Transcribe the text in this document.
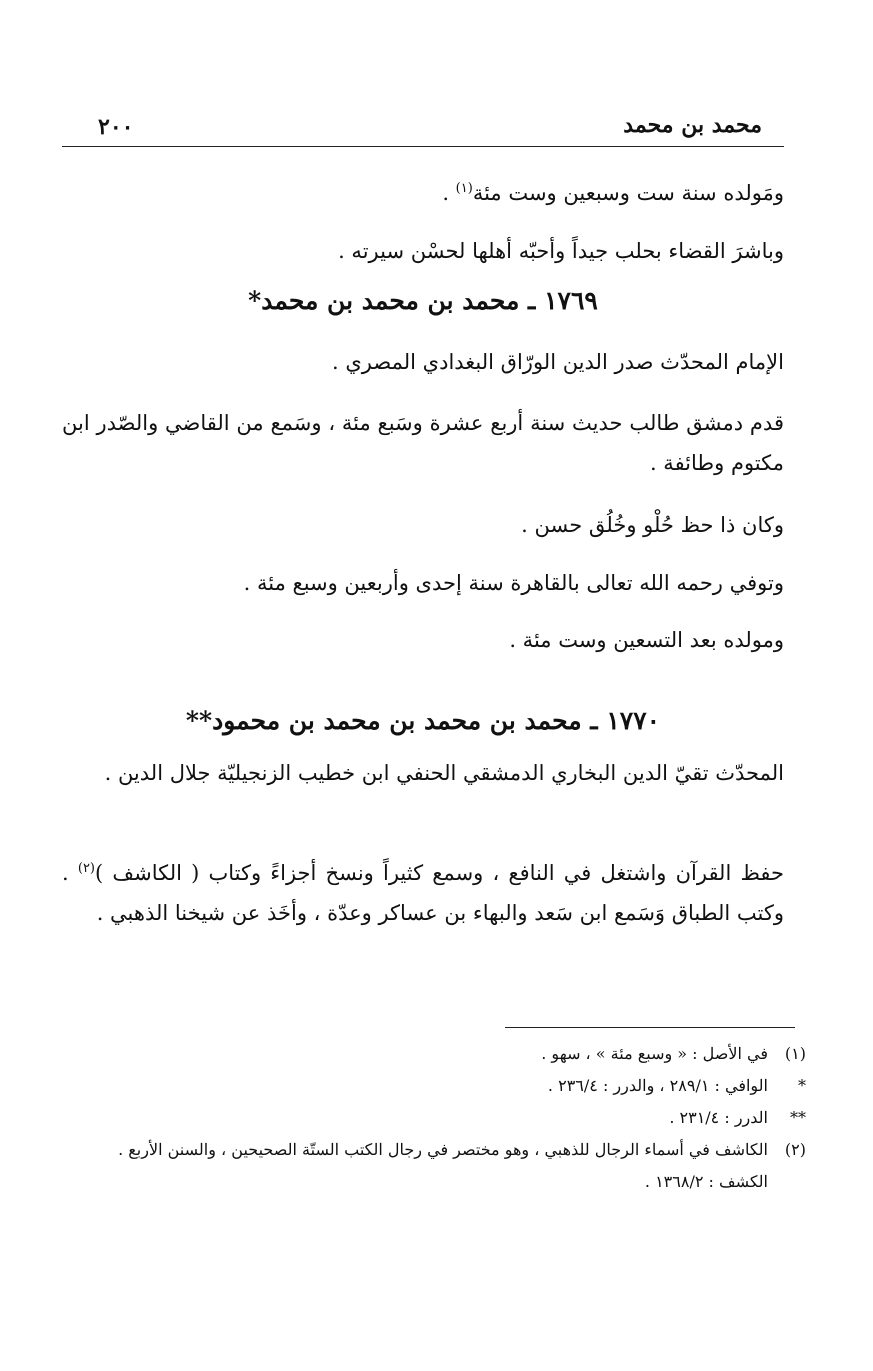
محمد بن محمد
٢٠٠
ومَولده سنة ست وسبعين وست مئة$^{(١)}$ .
وباشرَ القضاء بحلب جيداً وأحبّه أهلها لحسْن سيرته .
١٧٦٩ ـ محمد بن محمد بن محمد*
الإمام المحدّث صدر الدين الورّاق البغدادي المصري .
قدم دمشق طالب حديث سنة أربع عشرة وسَبع مئة ، وسَمع من القاضي والصّدر ابن مكتوم وطائفة .
وكان ذا حظ حُلْو وخُلُق حسن .
وتوفي رحمه الله تعالى بالقاهرة سنة إحدى وأربعين وسبع مئة .
ومولده بعد التسعين وست مئة .
١٧٧٠ ـ محمد بن محمد بن محمد بن محمود**
المحدّث تقيّ الدين البخاري الدمشقي الحنفي ابن خطيب الزنجيليّة جلال الدين .
حفظ القرآن واشتغل في النافع ، وسمع كثيراً ونسخ أجزاءً وكتاب ( الكاشف )$^{(٢)}$ . وكتب الطباق وَسَمع ابن سَعد والبهاء بن عساكر وعدّة ، وأخَذ عن شيخنا الذهبي .
(١)
في الأصل : « وسبع مئة » ، سهو .
*
الوافي : ٢٨٩/١ ، والدرر : ٢٣٦/٤ .
**
الدرر : ٢٣١/٤ .
(٢)
الكاشف في أسماء الرجال للذهبي ، وهو مختصر في رجال الكتب الستّة الصحيحين ، والسنن الأربع .
الكشف : ١٣٦٨/٢ .
